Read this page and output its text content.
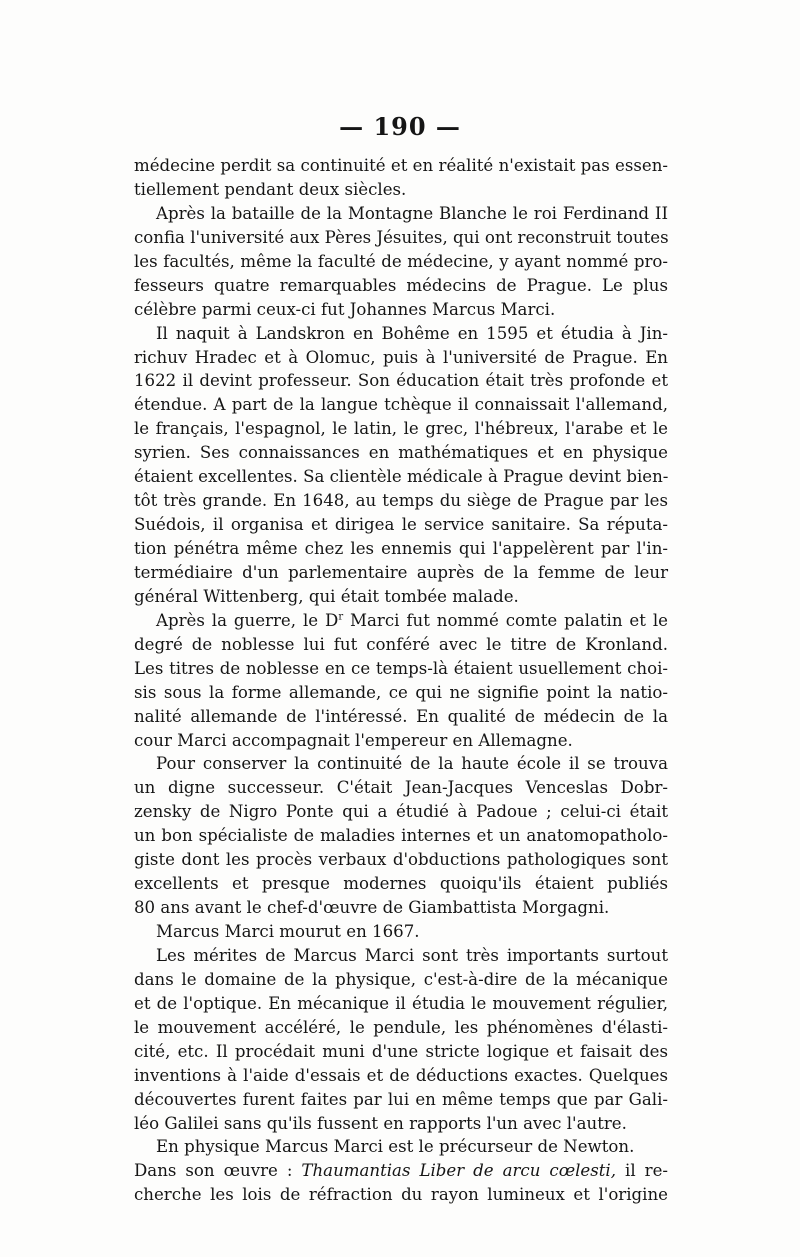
— 190 —
médecine perdit sa continuité et en réalité n'existait pas essen-
tiellement pendant deux siècles.
Après la bataille de la Montagne Blanche le roi Ferdinand II
confia l'université aux Pères Jésuites, qui ont reconstruit toutes
les facultés, même la faculté de médecine, y ayant nommé pro-
fesseurs quatre remarquables médecins de Prague. Le plus
célèbre parmi ceux-ci fut Johannes Marcus Marci.
Il naquit à Landskron en Bohême en 1595 et étudia à Jin-
richuv Hradec et à Olomuc, puis à l'université de Prague. En
1622 il devint professeur. Son éducation était très profonde et
étendue. A part de la langue tchèque il connaissait l'allemand,
le français, l'espagnol, le latin, le grec, l'hébreux, l'arabe et le
syrien. Ses connaissances en mathématiques et en physique
étaient excellentes. Sa clientèle médicale à Prague devint bien-
tôt très grande. En 1648, au temps du siège de Prague par les
Suédois, il organisa et dirigea le service sanitaire. Sa réputa-
tion pénétra même chez les ennemis qui l'appelèrent par l'in-
termédiaire d'un parlementaire auprès de la femme de leur
général Wittenberg, qui était tombée malade.
Après la guerre, le $D^r$ Marci fut nommé comte palatin et le
degré de noblesse lui fut conféré avec le titre de Kronland.
Les titres de noblesse en ce temps-là étaient usuellement choi-
sis sous la forme allemande, ce qui ne signifie point la natio-
nalité allemande de l'intéressé. En qualité de médecin de la
cour Marci accompagnait l'empereur en Allemagne.
Pour conserver la continuité de la haute école il se trouva
un digne successeur. C'était Jean-Jacques Venceslas Dobr-
zensky de Nigro Ponte qui a étudié à Padoue ; celui-ci était
un bon spécialiste de maladies internes et un anatomopatholo-
giste dont les procès verbaux d'obductions pathologiques sont
excellents et presque modernes quoiqu'ils étaient publiés
80 ans avant le chef-d'œuvre de Giambattista Morgagni.
Marcus Marci mourut en 1667.
Les mérites de Marcus Marci sont très importants surtout
dans le domaine de la physique, c'est-à-dire de la mécanique
et de l'optique. En mécanique il étudia le mouvement régulier,
le mouvement accéléré, le pendule, les phénomènes d'élasti-
cité, etc. Il procédait muni d'une stricte logique et faisait des
inventions à l'aide d'essais et de déductions exactes. Quelques
découvertes furent faites par lui en même temps que par Gali-
léo Galilei sans qu'ils fussent en rapports l'un avec l'autre.
En physique Marcus Marci est le précurseur de Newton.
Dans son œuvre : Thaumantias Liber de arcu cœlesti, il re-
cherche les lois de réfraction du rayon lumineux et l'origine
